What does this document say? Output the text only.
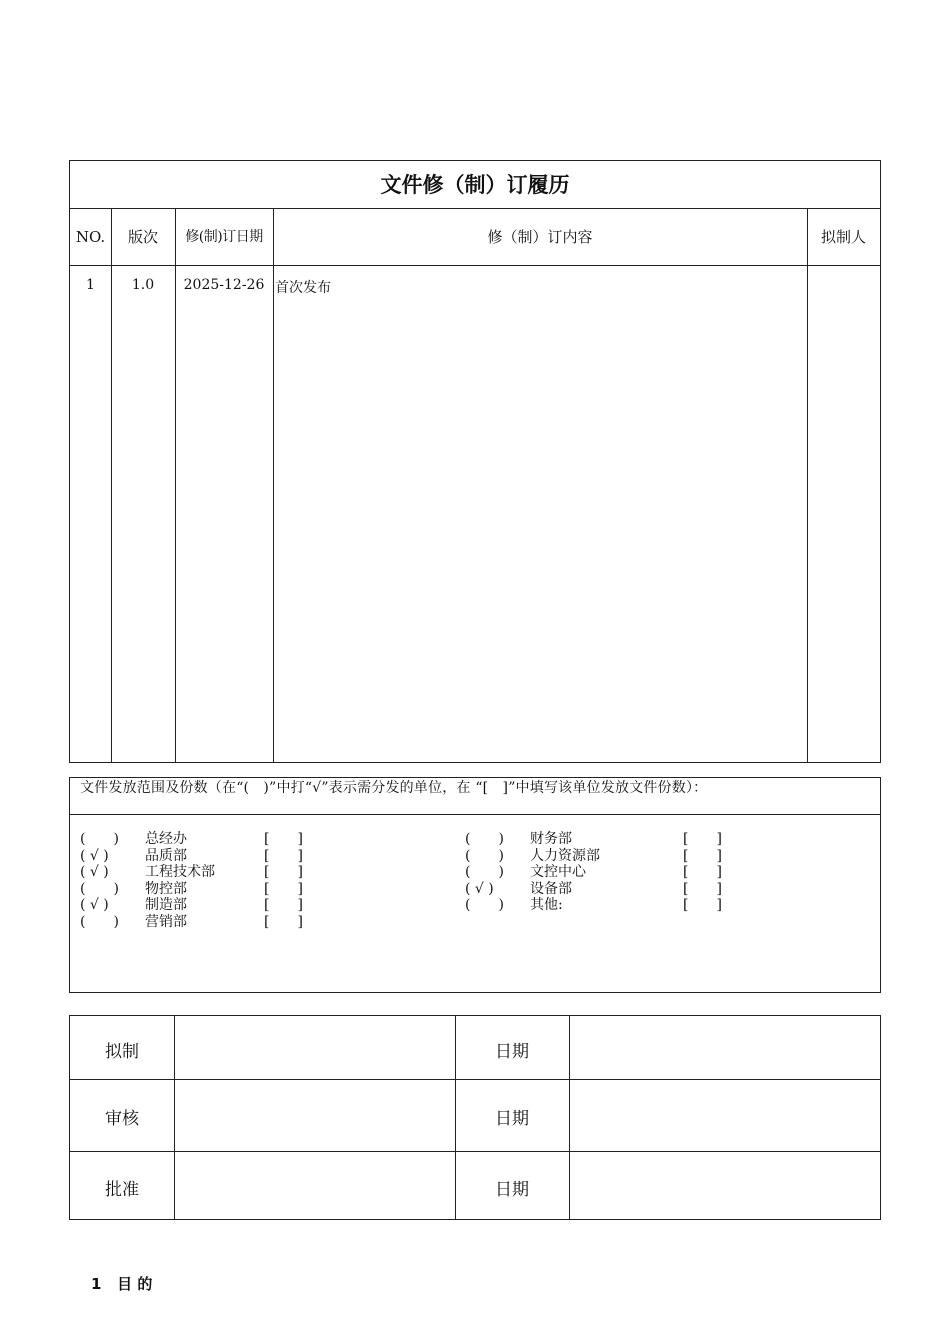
文件修（制）订履历
NO.	版次	修(制)订日期	修（制）订内容	拟制人
1	1.0	2025-12-26 首次发布
文件发放范围及份数（在“(　)”中打“√”表示需分发的单位，在 “[　]”中填写该单位发放文件份数）：
(　　) 总经办	[　　]
( √ )	品质部	[　　]
( √ )	工程技术部	[　　]
(　　) 物控部	[　　]
( √ )	制造部	[　　]
(　　) 营销部	[　　]
(　　) 财务部	[　　]
(　　) 人力资源部	[　　]
(　　) 文控中心	[　　]
( √ )	设备部	[　　]
(　　) 其他:	[　　]
拟制	日期
审核	日期
批准	日期
1 目 的
